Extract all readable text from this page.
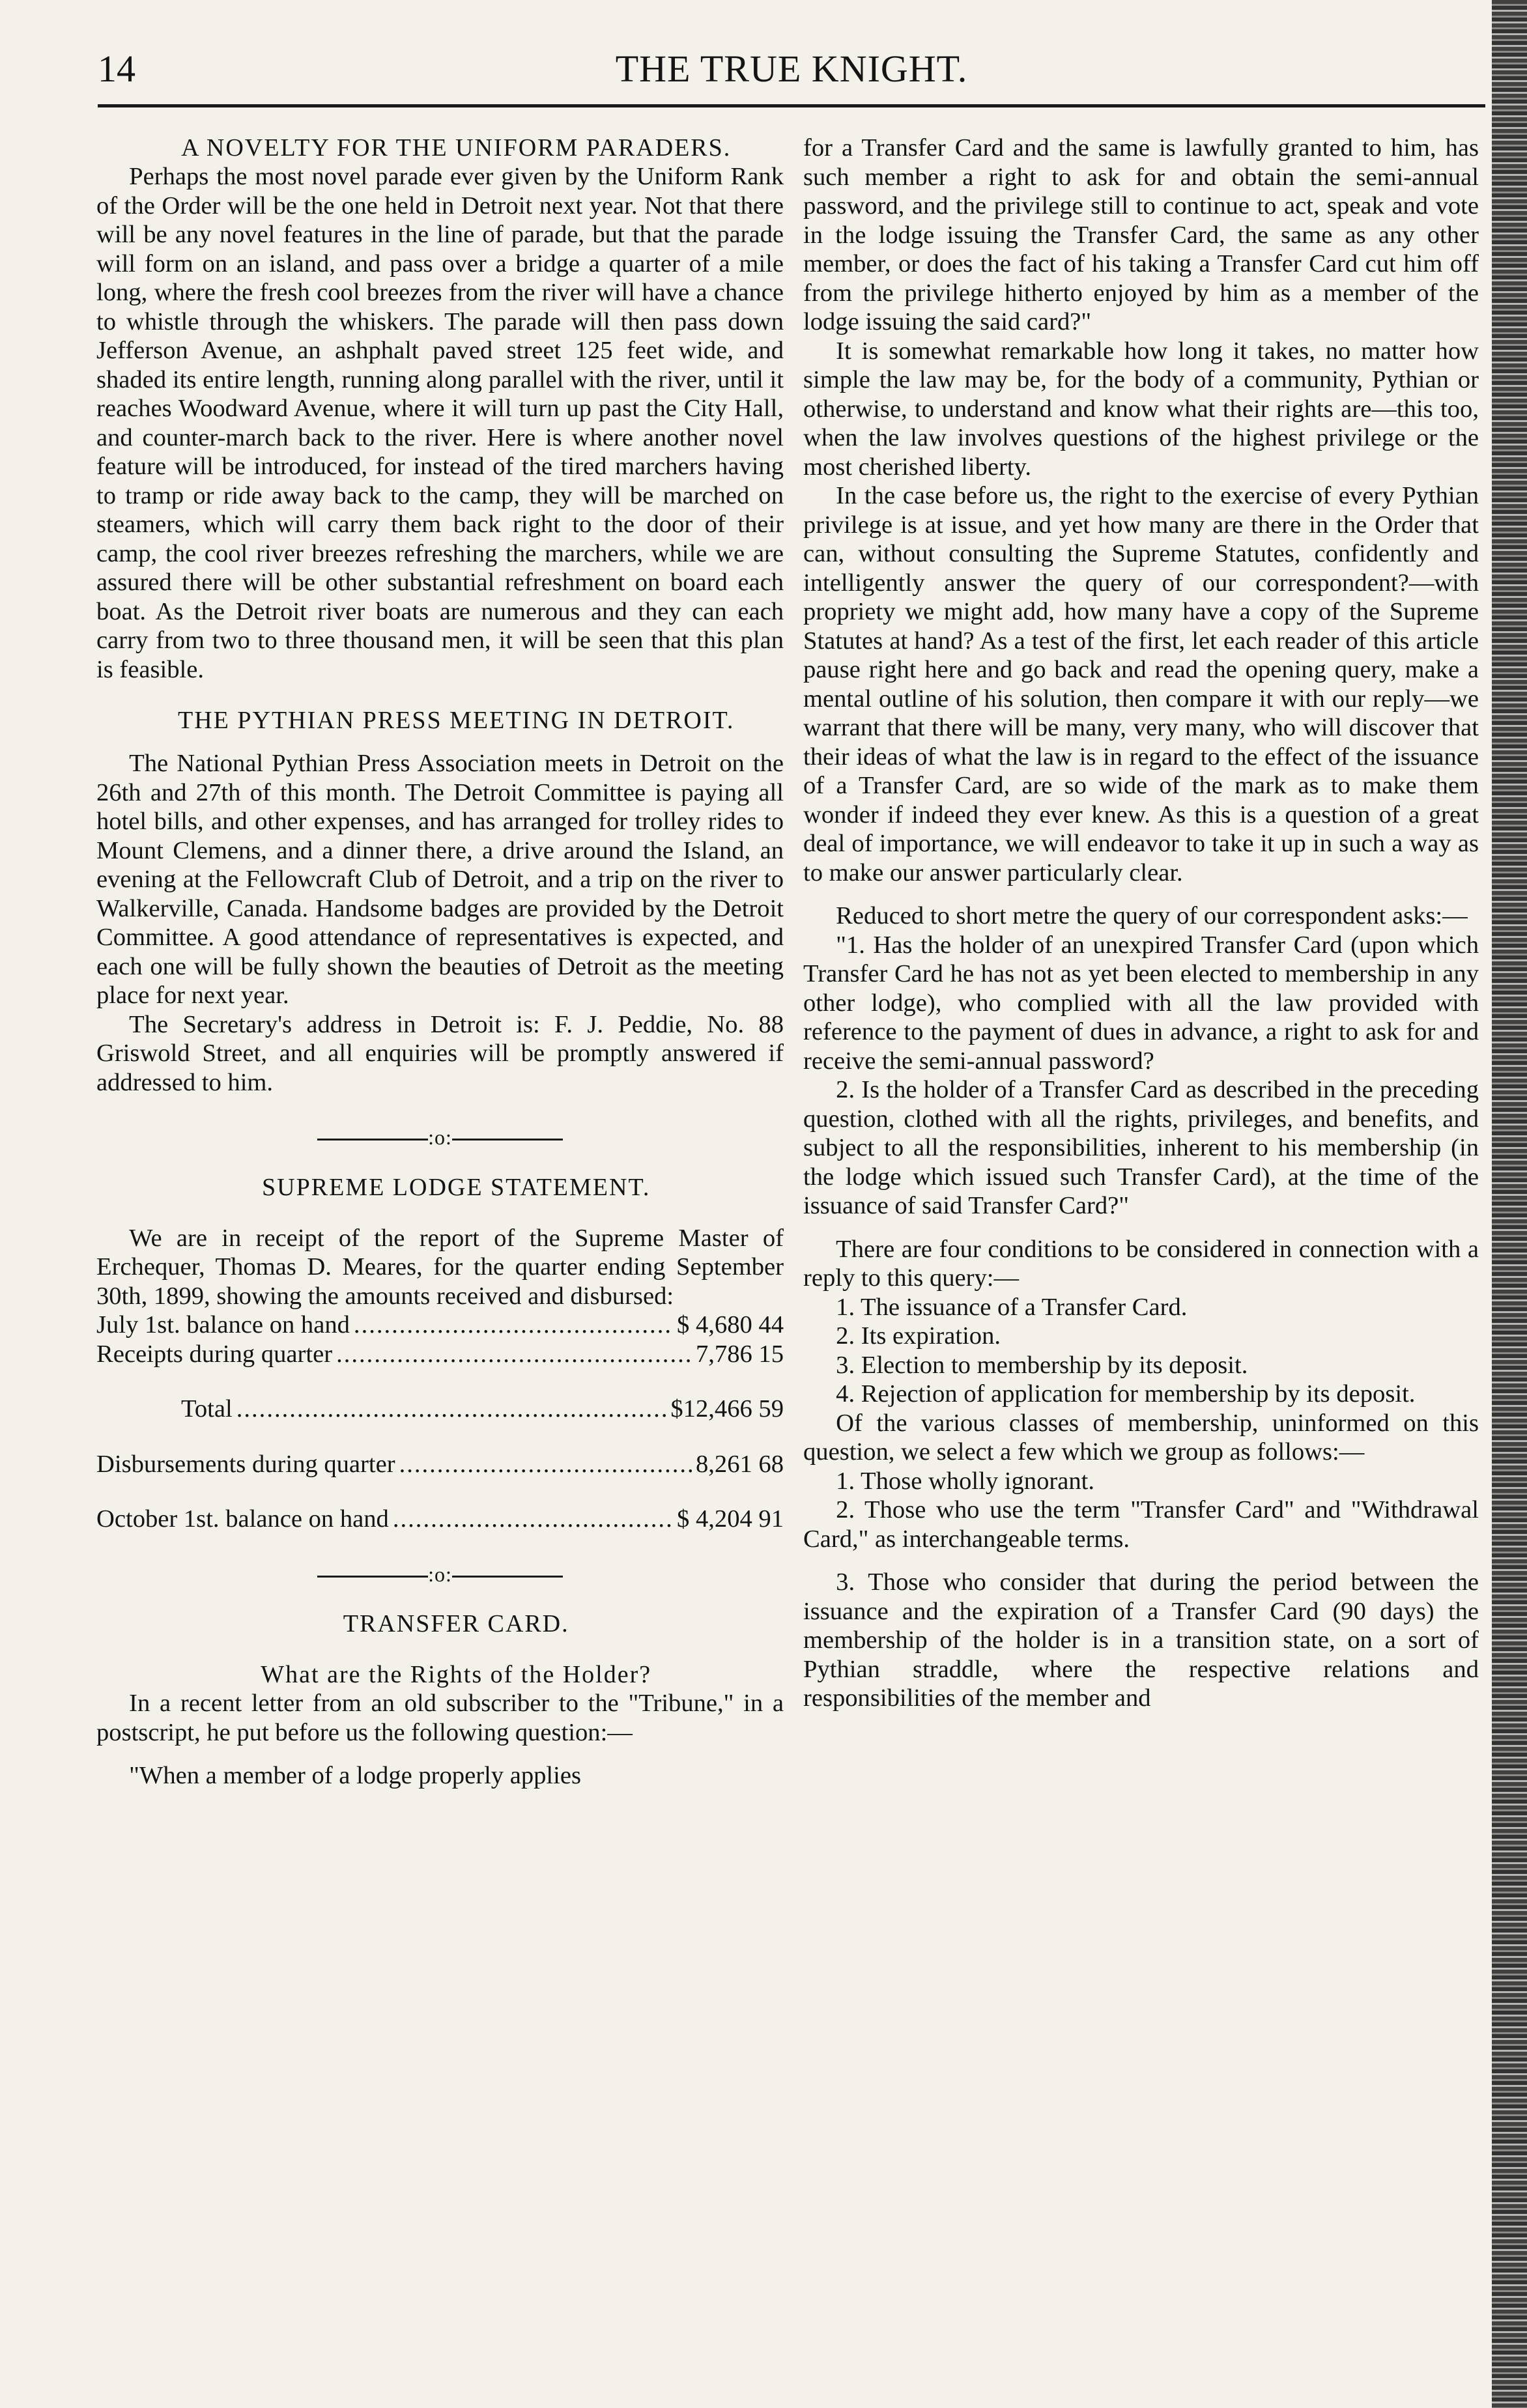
14	THE TRUE KNIGHT.

A NOVELTY FOR THE UNIFORM PARADERS.

Perhaps the most novel parade ever given by the Uniform Rank of the Order will be the one held in Detroit next year. Not that there will be any novel features in the line of parade, but that the parade will form on an island, and pass over a bridge a quarter of a mile long, where the fresh cool breezes from the river will have a chance to whistle through the whiskers. The parade will then pass down Jefferson Avenue, an ashphalt paved street 125 feet wide, and shaded its entire length, running along parallel with the river, until it reaches Woodward Avenue, where it will turn up past the City Hall, and counter-march back to the river. Here is where another novel feature will be introduced, for instead of the tired marchers having to tramp or ride away back to the camp, they will be marched on steamers, which will carry them back right to the door of their camp, the cool river breezes refreshing the marchers, while we are assured there will be other substantial refreshment on board each boat. As the Detroit river boats are numerous and they can each carry from two to three thousand men, it will be seen that this plan is feasible.

THE PYTHIAN PRESS MEETING IN DETROIT.

The National Pythian Press Association meets in Detroit on the 26th and 27th of this month. The Detroit Committee is paying all hotel bills, and other expenses, and has arranged for trolley rides to Mount Clemens, and a dinner there, a drive around the Island, an evening at the Fellowcraft Club of Detroit, and a trip on the river to Walkerville, Canada. Handsome badges are provided by the Detroit Committee. A good attendance of representatives is expected, and each one will be fully shown the beauties of Detroit as the meeting place for next year.

The Secretary's address in Detroit is: F. J. Peddie, No. 88 Griswold Street, and all enquiries will be promptly answered if addressed to him.

:o:

SUPREME LODGE STATEMENT.

We are in receipt of the report of the Supreme Master of Erchequer, Thomas D. Meares, for the quarter ending September 30th, 1899, showing the amounts received and disbursed:

July 1st. balance on hand .....	$ 4,680 44
Receipts during quarter .....	7,786 15
Total .....	$12,466 59
Disbursements during quarter .....	8,261 68
October 1st. balance on hand .....	$ 4,204 91
:o:

TRANSFER CARD.

What are the Rights of the Holder?

In a recent letter from an old subscriber to the "Tribune," in a postscript, he put before us the following question:—

"When a member of a lodge properly applies

for a Transfer Card and the same is lawfully granted to him, has such member a right to ask for and obtain the semi-annual password, and the privilege still to continue to act, speak and vote in the lodge issuing the Transfer Card, the same as any other member, or does the fact of his taking a Transfer Card cut him off from the privilege hitherto enjoyed by him as a member of the lodge issuing the said card?"

It is somewhat remarkable how long it takes, no matter how simple the law may be, for the body of a community, Pythian or otherwise, to understand and know what their rights are—this too, when the law involves questions of the highest privilege or the most cherished liberty.

In the case before us, the right to the exercise of every Pythian privilege is at issue, and yet how many are there in the Order that can, without consulting the Supreme Statutes, confidently and intelligently answer the query of our correspondent?—with propriety we might add, how many have a copy of the Supreme Statutes at hand? As a test of the first, let each reader of this article pause right here and go back and read the opening query, make a mental outline of his solution, then compare it with our reply—we warrant that there will be many, very many, who will discover that their ideas of what the law is in regard to the effect of the issuance of a Transfer Card, are so wide of the mark as to make them wonder if indeed they ever knew. As this is a question of a great deal of importance, we will endeavor to take it up in such a way as to make our answer particularly clear.

Reduced to short metre the query of our correspondent asks:—

"1. Has the holder of an unexpired Transfer Card (upon which Transfer Card he has not as yet been elected to membership in any other lodge), who complied with all the law provided with reference to the payment of dues in advance, a right to ask for and receive the semi-annual password?

2. Is the holder of a Transfer Card as described in the preceding question, clothed with all the rights, privileges, and benefits, and subject to all the responsibilities, inherent to his membership (in the lodge which issued such Transfer Card), at the time of the issuance of said Transfer Card?"

There are four conditions to be considered in connection with a reply to this query:—

1. The issuance of a Transfer Card.

2. Its expiration.

3. Election to membership by its deposit.

4. Rejection of application for membership by its deposit.

Of the various classes of membership, uninformed on this question, we select a few which we group as follows:—

1. Those wholly ignorant.

2. Those who use the term "Transfer Card" and "Withdrawal Card," as interchangeable terms.

3. Those who consider that during the period between the issuance and the expiration of a Transfer Card (90 days) the membership of the holder is in a transition state, on a sort of Pythian straddle, where the respective relations and responsibilities of the member and
